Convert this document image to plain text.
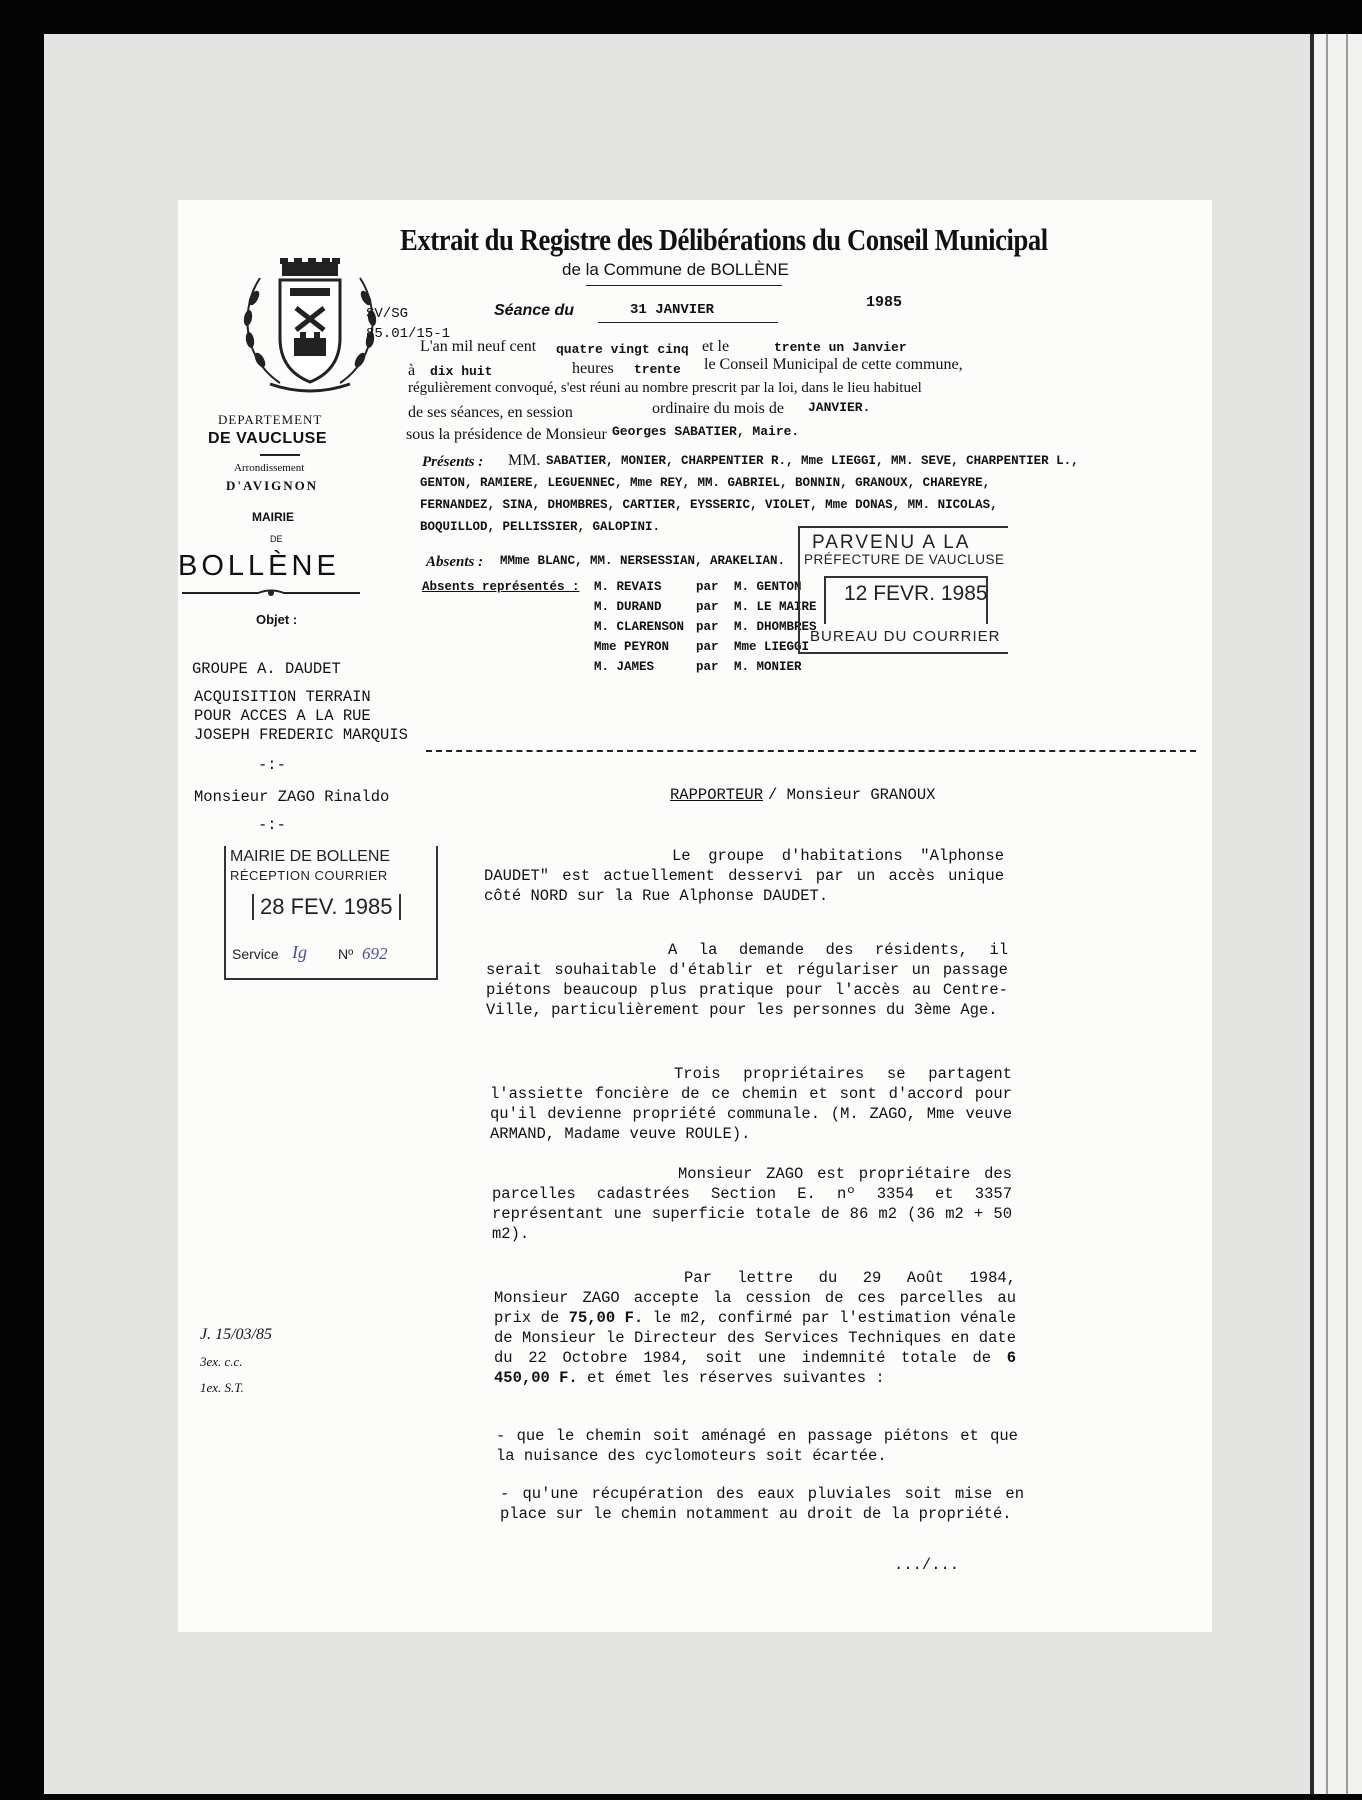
DEPARTEMENT
DE VAUCLUSE
Arrondissement
D'AVIGNON
MAIRIE
DE
BOLLÈNE
Objet :
GROUPE A. DAUDET
ACQUISITION TERRAIN
POUR ACCES A LA RUE
JOSEPH FREDERIC MARQUIS
-:-
Monsieur ZAGO Rinaldo
-:-
MAIRIE DE BOLLENE
RÉCEPTION COURRIER
28 FEV. 1985
Service Ig Nº 692
J. 15/03/85
3ex. c.c.
1ex. S.T.
Extrait du Registre des Délibérations du Conseil Municipal
de la Commune de BOLLÈNE
SV/SG
85.01/15-1
Séance du	31 JANVIER	1985
L'an mil neuf cent quatre vingt cinq et le	trente un Janvier
à dix huit	heures trente le Conseil Municipal de cette commune,
régulièrement convoqué, s'est réuni au nombre prescrit par la loi, dans le lieu habituel
de ses séances, en session	ordinaire du mois de JANVIER.
sous la présidence de Monsieur Georges SABATIER, Maire.
Présents : MM. SABATIER, MONIER, CHARPENTIER R., Mme LIEGGI, MM. SEVE, CHARPENTIER L.,
GENTON, RAMIERE, LEGUENNEC, Mme REY, MM. GABRIEL, BONNIN, GRANOUX, CHAREYRE,
FERNANDEZ, SINA, DHOMBRES, CARTIER, EYSSERIC, VIOLET, Mme DONAS, MM. NICOLAS,
BOQUILLOD, PELLISSIER, GALOPINI.
Absents : MMme BLANC, MM. NERSESSIAN, ARAKELIAN.
Absents représentés : M. REVAIS	par M. GENTON
M. DURAND	par M. LE MAIRE
M. CLARENSON par M. DHOMBRES
Mme PEYRON par Mme LIEGGI
M. JAMES	par M. MONIER
PARVENU A LA
PRÉFECTURE DE VAUCLUSE
12 FEVR. 1985
BUREAU DU COURRIER
RAPPORTEUR / Monsieur GRANOUX
Le groupe d'habitations "Alphonse DAUDET" est actuellement desservi par un accès unique côté NORD sur la Rue Alphonse DAUDET.
A la demande des résidents, il serait souhaitable d'établir et régulariser un passage piétons beaucoup plus pratique pour l'accès au Centre-Ville, particulièrement pour les personnes du 3ème Age.
Trois propriétaires se partagent l'assiette foncière de ce chemin et sont d'accord pour qu'il devienne propriété communale. (M. ZAGO, Mme veuve ARMAND, Madame veuve ROULE).
Monsieur ZAGO est propriétaire des parcelles cadastrées Section E. nº 3354 et 3357 représentant une superficie totale de 86 m2 (36 m2 + 50 m2).
Par lettre du 29 Août 1984, Monsieur ZAGO accepte la cession de ces parcelles au prix de 75,00 F. le m2, confirmé par l'estimation vénale de Monsieur le Directeur des Services Techniques en date du 22 Octobre 1984, soit une indemnité totale de 6 450,00 F. et émet les réserves suivantes :
- que le chemin soit aménagé en passage piétons et que la nuisance des cyclomoteurs soit écartée.
- qu'une récupération des eaux pluviales soit mise en place sur le chemin notamment au droit de la propriété.
.../...
